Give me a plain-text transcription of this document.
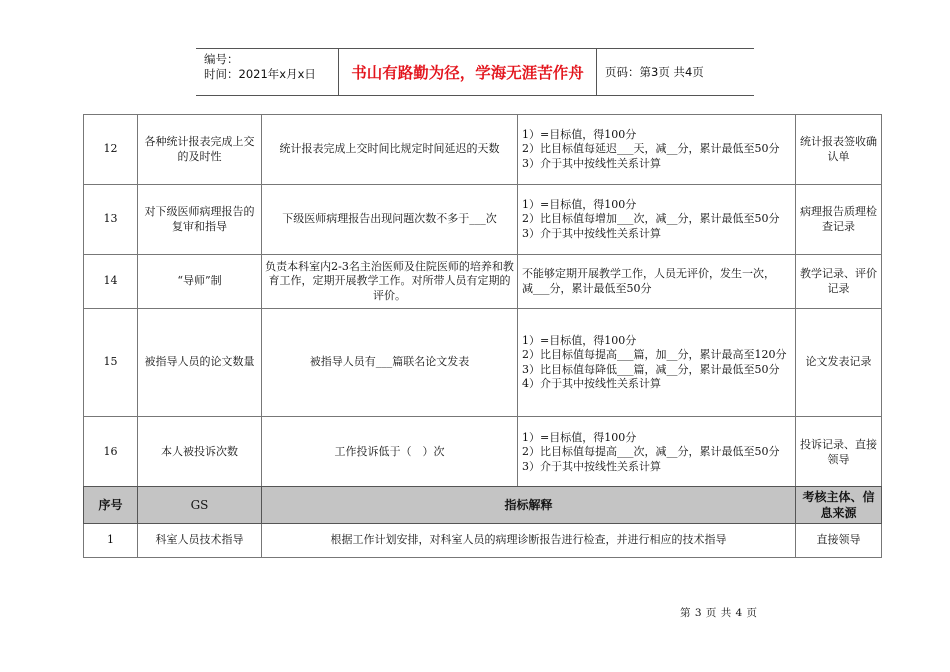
编号：
时间：2021年x月x日	书山有路勤为径，学海无涯苦作舟	页码：第3页 共4页
12	各种统计报表完成上交的及时性	统计报表完成上交时间比规定时间延迟的天数	1）=目标值，得100分
2）比目标值每延迟___天，减__分，累计最低至50分
3）介于其中按线性关系计算	统计报表签收确认单
13	对下级医师病理报告的复审和指导	下级医师病理报告出现问题次数不多于___次	1）=目标值，得100分
2）比目标值每增加___次，减__分，累计最低至50分
3）介于其中按线性关系计算	病理报告质理检查记录
14	“导师”制	负责本科室内2-3名主治医师及住院医师的培养和教育工作，定期开展教学工作。对所带人员有定期的评价。	不能够定期开展教学工作，人员无评价，发生一次，
减___分，累计最低至50分	教学记录、评价记录
15	被指导人员的论文数量	被指导人员有___篇联名论文发表	1）=目标值，得100分
2）比目标值每提高___篇，加__分，累计最高至120分
3）比目标值每降低___篇，减__分，累计最低至50分
4）介于其中按线性关系计算	论文发表记录
16	本人被投诉次数	工作投诉低于（　）次	1）=目标值，得100分
2）比目标值每提高___次，减__分，累计最低至50分
3）介于其中按线性关系计算	投诉记录、直接领导
序号	GS	指标解释	考核主体、信息来源
1	科室人员技术指导	根据工作计划安排，对科室人员的病理诊断报告进行检查，并进行相应的技术指导	直接领导
第 3 页 共 4 页
